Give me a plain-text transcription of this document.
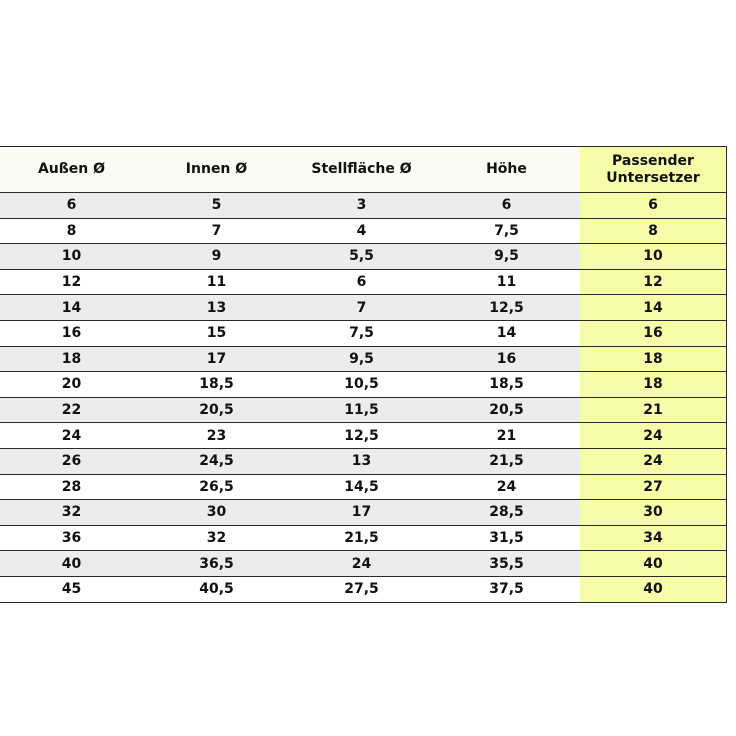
Außen Ø	Innen Ø	Stellfläche Ø	Höhe	Passender
Untersetzer
6	5	3	6	6
8	7	4	7,5	8
10	9	5,5	9,5	10
12	11	6	11	12
14	13	7	12,5	14
16	15	7,5	14	16
18	17	9,5	16	18
20	18,5	10,5	18,5	18
22	20,5	11,5	20,5	21
24	23	12,5	21	24
26	24,5	13	21,5	24
28	26,5	14,5	24	27
32	30	17	28,5	30
36	32	21,5	31,5	34
40	36,5	24	35,5	40
45	40,5	27,5	37,5	40
